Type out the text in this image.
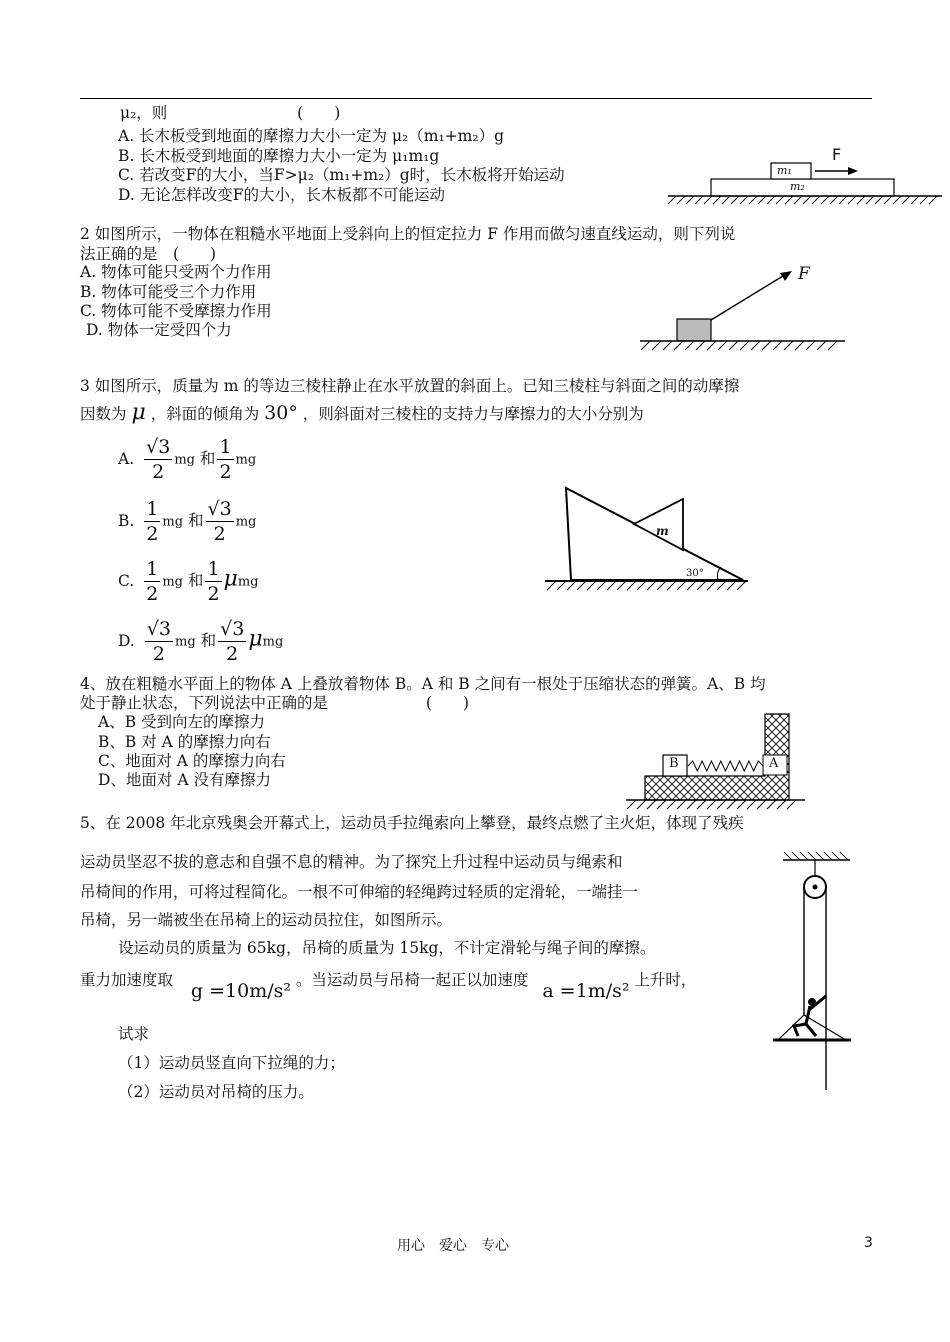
μ₂，则	(　　)
A. 长木板受到地面的摩擦力大小一定为 μ₂（m₁+m₂）g
B. 长木板受到地面的摩擦力大小一定为 μ₁m₁g
C. 若改变F的大小，当F>μ₂（m₁+m₂）g时，长木板将开始运动
D. 无论怎样改变F的大小，长木板都不可能运动
F
m₁
m₂
2 如图所示，一物体在粗糙水平地面上受斜向上的恒定拉力 F 作用而做匀速直线运动，则下列说
法正确的是　(　　)
A. 物体可能只受两个力作用
B. 物体可能受三个力作用
C. 物体可能不受摩擦力作用
D. 物体一定受四个力
F
3 如图所示，质量为 m 的等边三棱柱静止在水平放置的斜面上。已知三棱柱与斜面之间的动摩擦
因数为 μ ，斜面的倾角为 30° ，则斜面对三棱柱的支持力与摩擦力的大小分别为
A. $\frac{√3}{2}$ mg 和 $\frac{1}{2}$ mg
B. $\frac{1}{2}$ mg 和 $\frac{√3}{2}$ mg
C. $\frac{1}{2}$ mg 和 $\frac{1}{2}$ μmg
D. $\frac{√3}{2}$ mg 和 $\frac{√3}{2}$ μmg
m
30°
4、放在粗糙水平面上的物体 A 上叠放着物体 B。A 和 B 之间有一根处于压缩状态的弹簧。A、B 均
处于静止状态，下列说法中正确的是	(　　)
A、B 受到向左的摩擦力
B、B 对 A 的摩擦力向右
C、地面对 A 的摩擦力向右
D、地面对 A 没有摩擦力
B	A
5、在 2008 年北京残奥会开幕式上，运动员手拉绳索向上攀登，最终点燃了主火炬，体现了残疾
运动员坚忍不拔的意志和自强不息的精神。为了探究上升过程中运动员与绳索和
吊椅间的作用，可将过程简化。一根不可伸缩的轻绳跨过轻质的定滑轮，一端挂一
吊椅，另一端被坐在吊椅上的运动员拉住，如图所示。
设运动员的质量为 65kg，吊椅的质量为 15kg，不计定滑轮与绳子间的摩擦。
重力加速度取 g =10m/s² 。当运动员与吊椅一起正以加速度 a =1m/s² 上升时，
试求
（1）运动员竖直向下拉绳的力；
（2）运动员对吊椅的压力。
用心　爱心　专心	3
